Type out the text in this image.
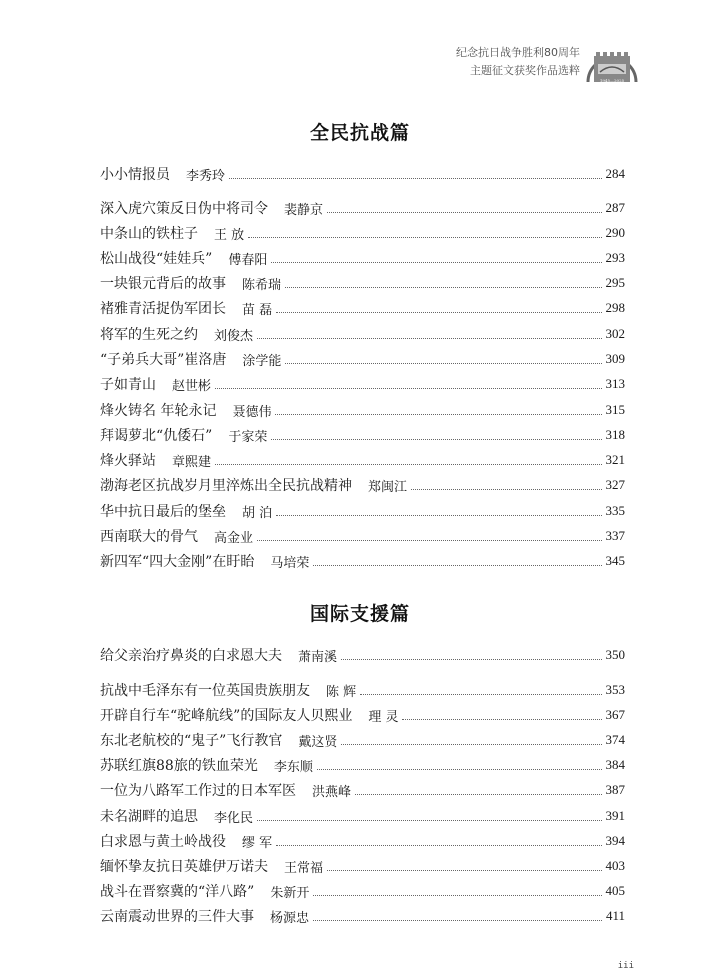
纪念抗日战争胜利80周年
主题征文获奖作品选粹
1945—2025
全民抗战篇
小小情报员 李秀玲	284
深入虎穴策反日伪中将司令 裴静京	287
中条山的铁柱子 王 放	290
松山战役“娃娃兵” 傅春阳	293
一块银元背后的故事 陈希瑞	295
褚雅青活捉伪军团长 苗 磊	298
将军的生死之约 刘俊杰	302
“子弟兵大哥”崔洛唐 涂学能	309
子如青山 赵世彬	313
烽火铸名 年轮永记 聂德伟	315
拜谒萝北“仇倭石” 于家荣	318
烽火驿站 章熙建	321
渤海老区抗战岁月里淬炼出全民抗战精神 郑闽江	327
华中抗日最后的堡垒 胡 泊	335
西南联大的骨气 高金业	337
新四军“四大金刚”在盱眙 马培荣	345
国际支援篇
给父亲治疗鼻炎的白求恩大夫 萧南溪	350
抗战中毛泽东有一位英国贵族朋友 陈 辉	353
开辟自行车“驼峰航线”的国际友人贝熙业 理 灵	367
东北老航校的“鬼子”飞行教官 戴这贤	374
苏联红旗88旅的铁血荣光 李东顺	384
一位为八路军工作过的日本军医 洪燕峰	387
未名湖畔的追思 李化民	391
白求恩与黄土岭战役 缪 军	394
缅怀挚友抗日英雄伊万诺夫 王常福	403
战斗在晋察冀的“洋八路” 朱新开	405
云南震动世界的三件大事 杨源忠	411
iii
